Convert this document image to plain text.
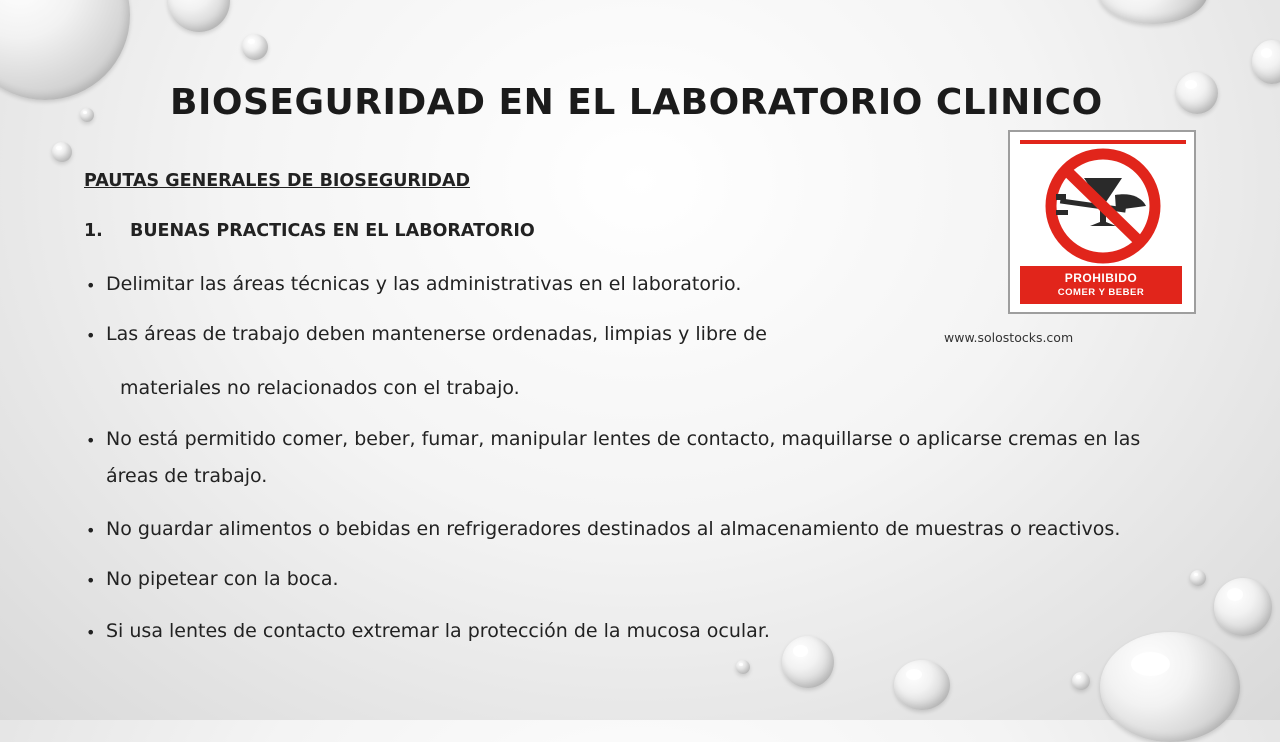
BIOSEGURIDAD EN EL LABORATORIO CLINICO
PAUTAS GENERALES DE BIOSEGURIDAD
1. BUENAS PRACTICAS EN EL LABORATORIO
• Delimitar las áreas técnicas y las administrativas en el laboratorio.
• Las áreas de trabajo deben mantenerse ordenadas, limpias y libre de
materiales no relacionados con el trabajo.
• No está permitido comer, beber, fumar, manipular lentes de contacto, maquillarse o aplicarse cremas en las
áreas de trabajo.
• No guardar alimentos o bebidas en refrigeradores destinados al almacenamiento de muestras o reactivos.
• No pipetear con la boca.
• Si usa lentes de contacto extremar la protección de la mucosa ocular.
PROHIBIDO
COMER Y BEBER
www.solostocks.com
